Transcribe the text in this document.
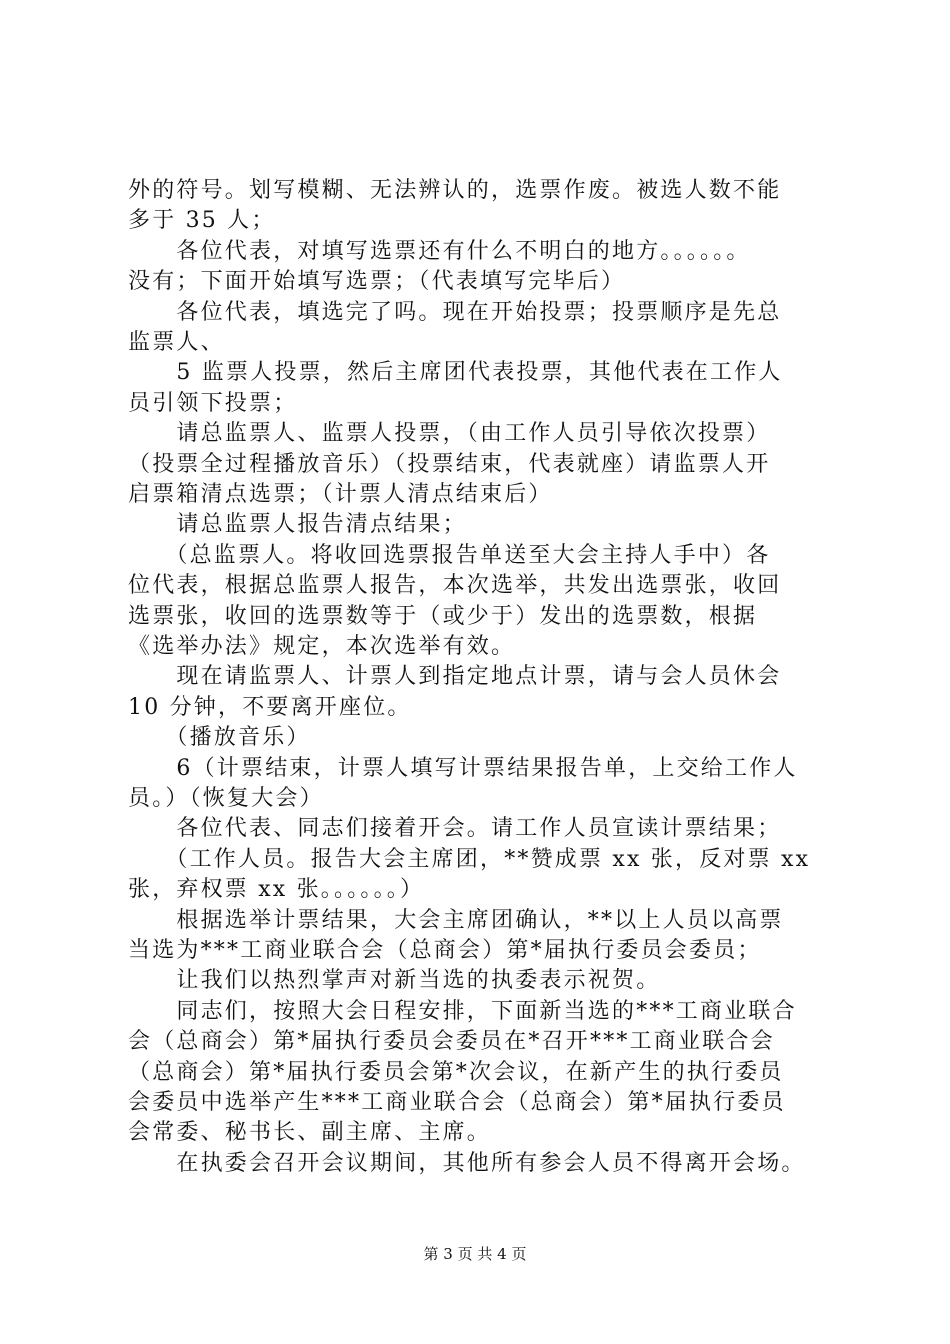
外的符号。划写模糊、无法辨认的，选票作废。被选人数不能
多于 35 人；
　　各位代表，对填写选票还有什么不明白的地方。。。。。。
没有；下面开始填写选票；（代表填写完毕后）
　　各位代表，填选完了吗。现在开始投票；投票顺序是先总
监票人、
　　5 监票人投票，然后主席团代表投票，其他代表在工作人
员引领下投票；
　　请总监票人、监票人投票，（由工作人员引导依次投票）
（投票全过程播放音乐）（投票结束，代表就座）请监票人开
启票箱清点选票；（计票人清点结束后）
　　请总监票人报告清点结果；
　　（总监票人。将收回选票报告单送至大会主持人手中）各
位代表，根据总监票人报告，本次选举，共发出选票张，收回
选票张，收回的选票数等于（或少于）发出的选票数，根据
《选举办法》规定，本次选举有效。
　　现在请监票人、计票人到指定地点计票，请与会人员休会
10 分钟，不要离开座位。
　　（播放音乐）
　　6（计票结束，计票人填写计票结果报告单，上交给工作人
员。）（恢复大会）
　　各位代表、同志们接着开会。请工作人员宣读计票结果；
　　（工作人员。报告大会主席团，**赞成票 xx 张，反对票 xx
张，弃权票 xx 张。。。。。。）
　　根据选举计票结果，大会主席团确认，**以上人员以高票
当选为***工商业联合会（总商会）第*届执行委员会委员；
　　让我们以热烈掌声对新当选的执委表示祝贺。
　　同志们，按照大会日程安排，下面新当选的***工商业联合
会（总商会）第*届执行委员会委员在*召开***工商业联合会
（总商会）第*届执行委员会第*次会议，在新产生的执行委员
会委员中选举产生***工商业联合会（总商会）第*届执行委员
会常委、秘书长、副主席、主席。
　　在执委会召开会议期间，其他所有参会人员不得离开会场。
第 3 页 共 4 页
